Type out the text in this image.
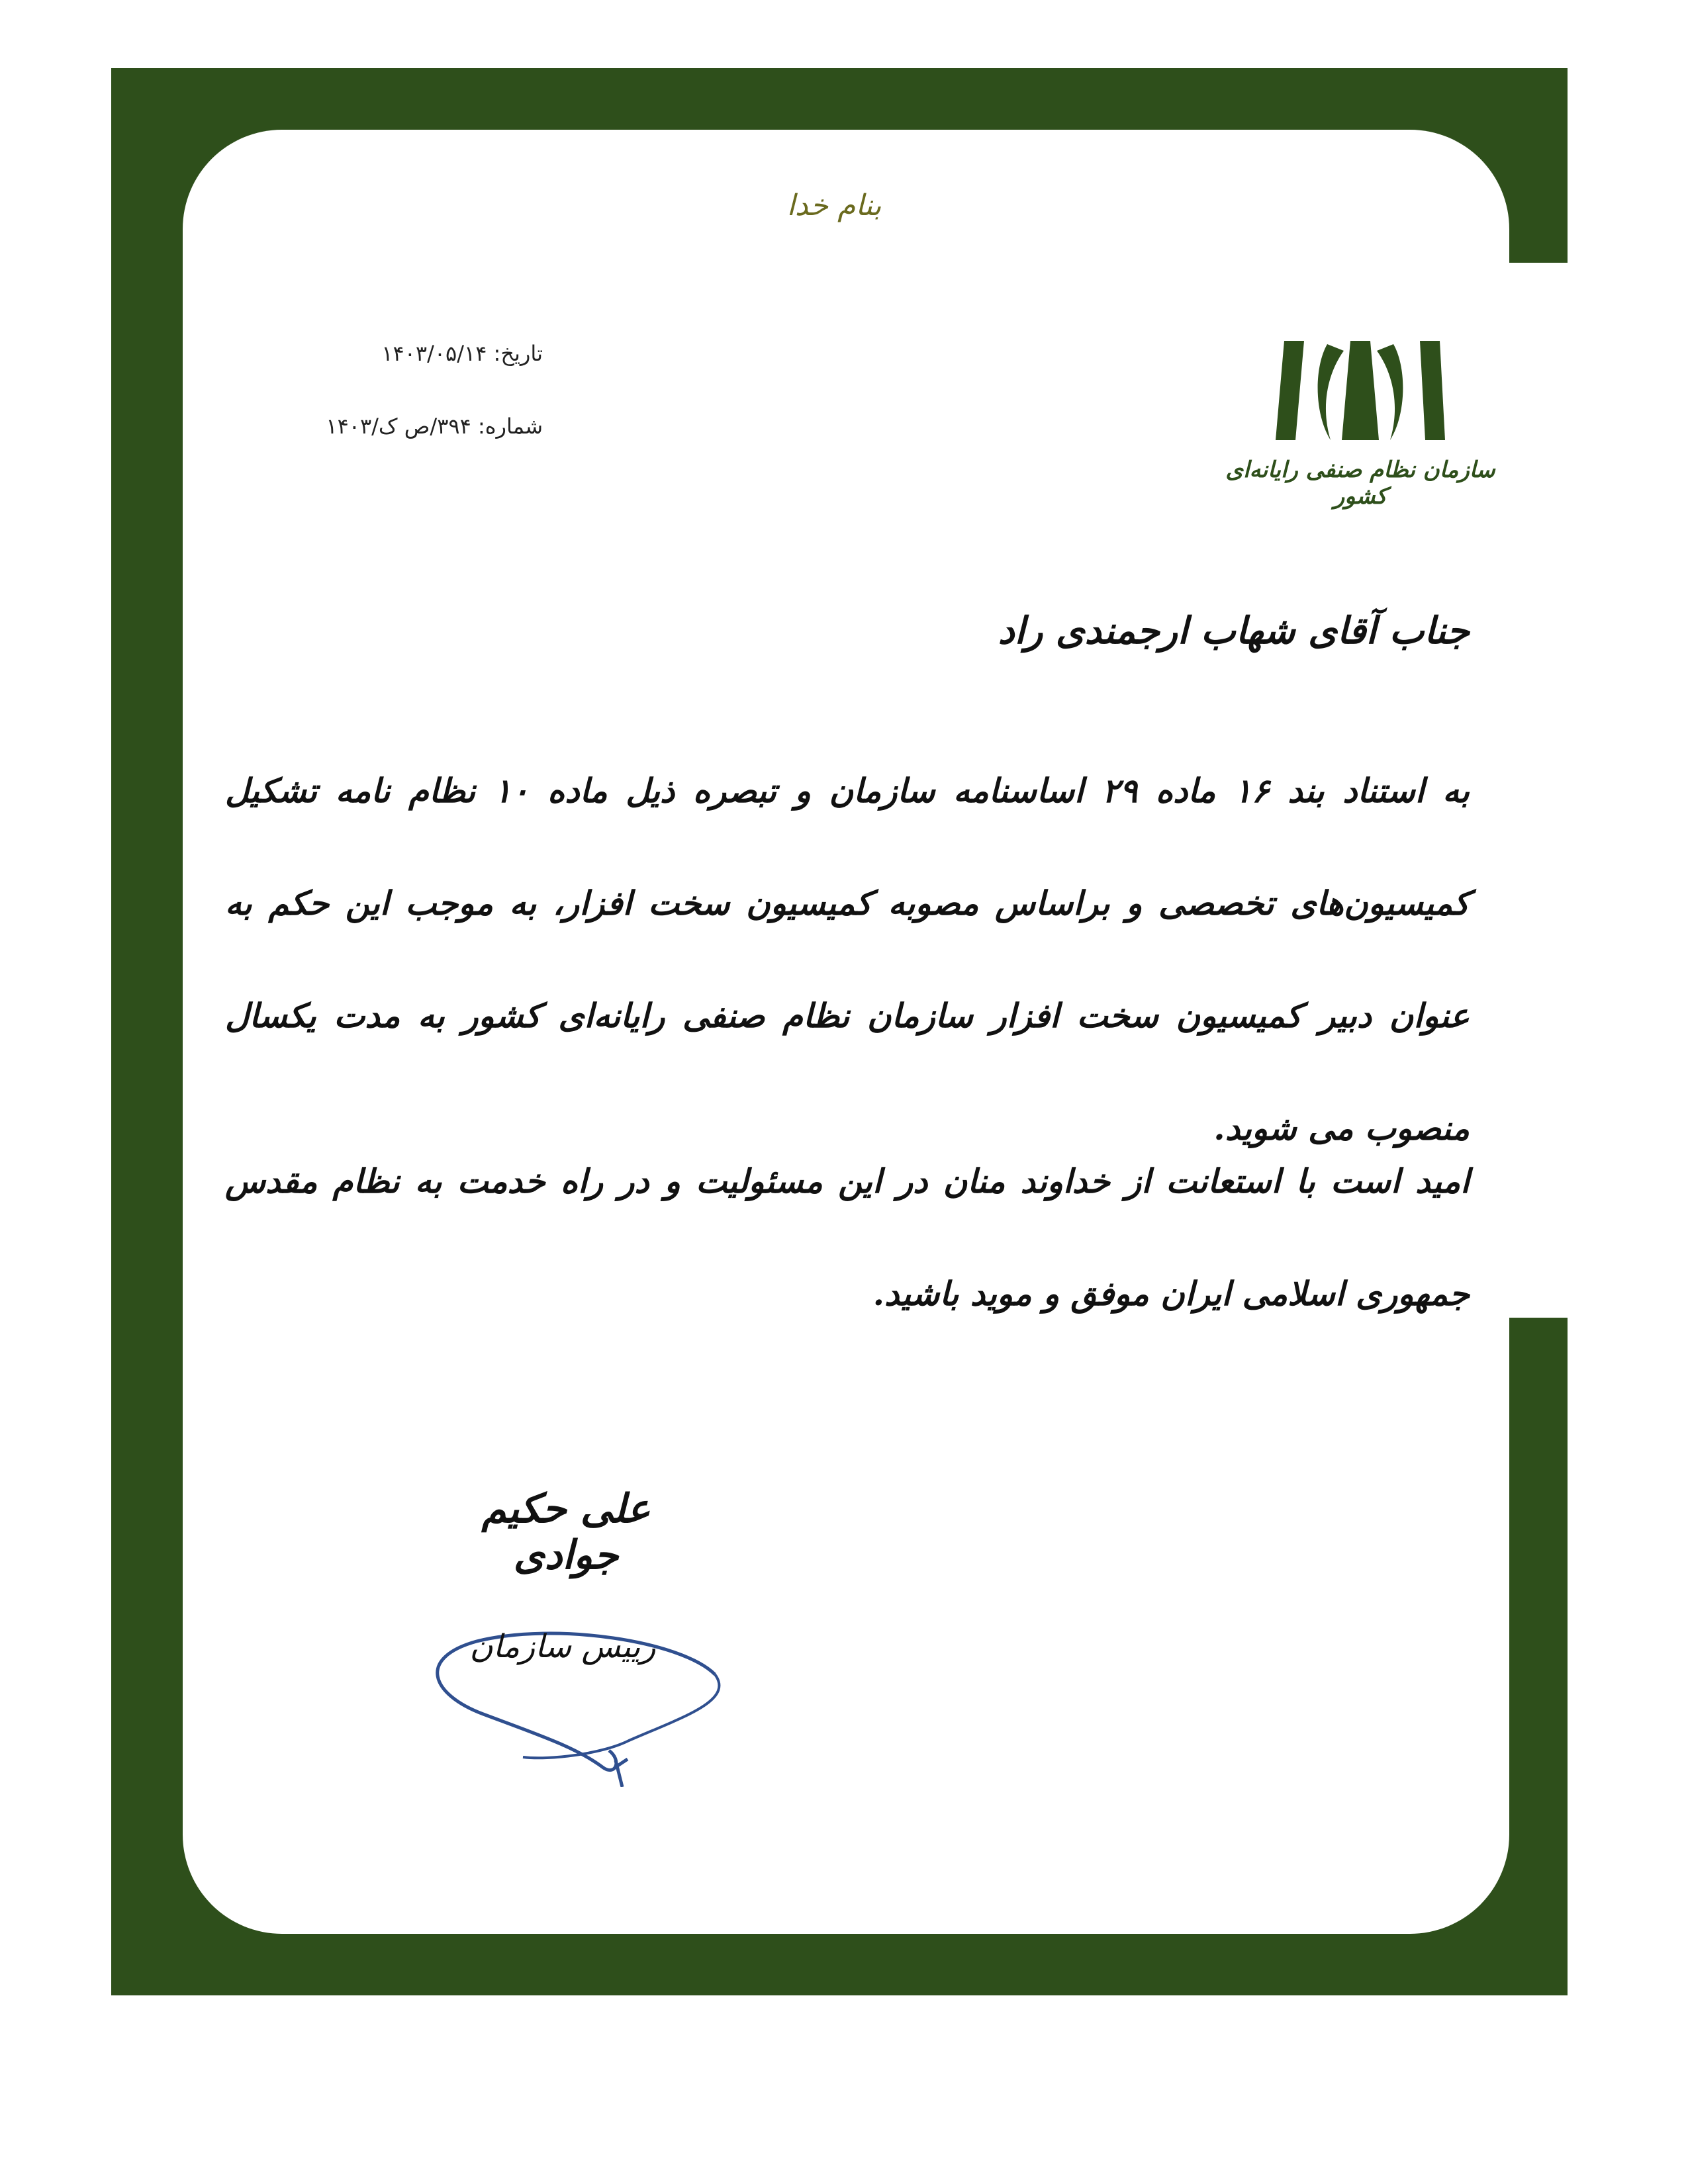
بنام خدا
تاریخ: ۱۴۰۳/۰۵/۱۴
شماره: ۳۹۴/ص ک/۱۴۰۳
سازمان نظام صنفی رایانه‌ای کشور
جناب آقای شهاب ارجمندی راد
به استناد بند ۱۶ ماده ۲۹ اساسنامه سازمان و تبصره ذیل ماده ۱۰ نظام نامه تشکیل کمیسیون‌های تخصصی و براساس مصوبه کمیسیون سخت افزار، به موجب این حکم به عنوان دبیر کمیسیون سخت افزار سازمان نظام صنفی رایانه‌ای کشور به مدت یکسال منصوب می شوید.
امید است با استعانت از خداوند منان در این مسئولیت و در راه خدمت به نظام مقدس جمهوری اسلامی ایران موفق و موید باشید.
علی حکیم جوادی
رییس سازمان
